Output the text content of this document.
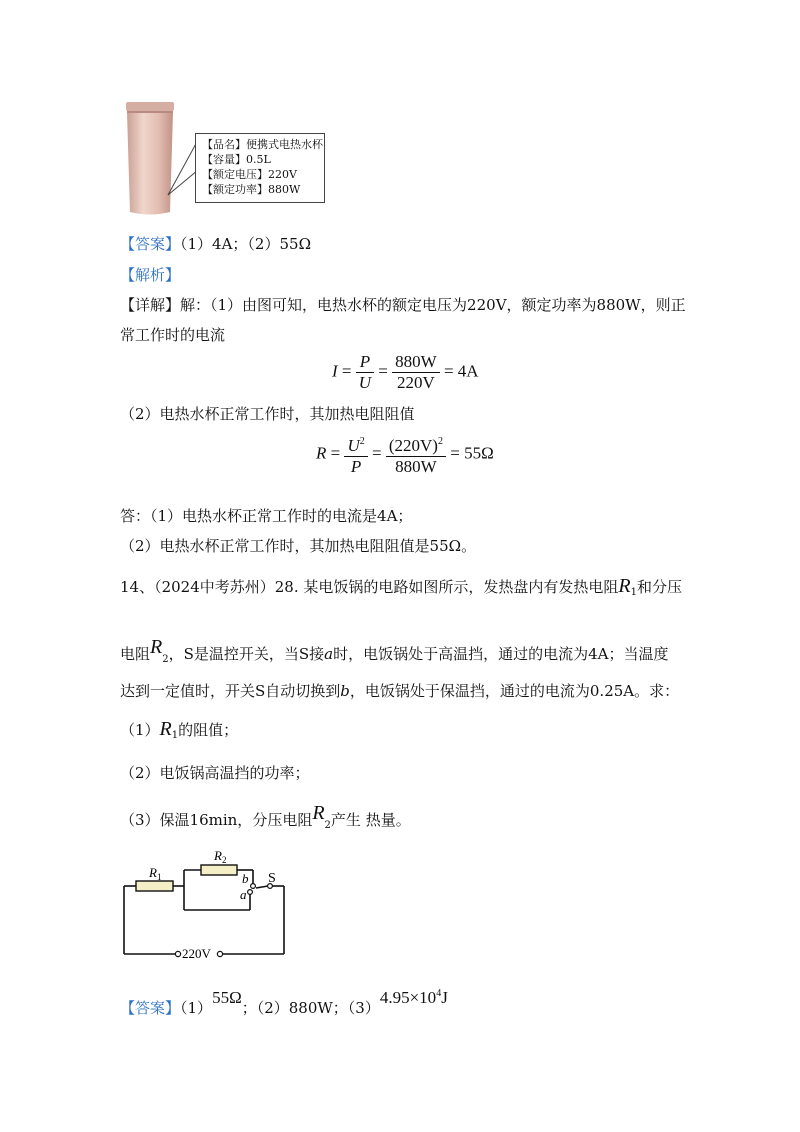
【品名】便携式电热水杯
【容量】0.5L
【额定电压】220V
【额定功率】880W
【答案】（1）4A；（2）55Ω
【解析】
【详解】解：（1）由图可知，电热水杯的额定电压为220V，额定功率为880W，则正
常工作时的电流
$I = \frac{P}{U} = \frac{880W}{220V} = 4A$
（2）电热水杯正常工作时，其加热电阻阻值
$R = \frac{U^2}{P} = \frac{(220V)^2}{880W} = 55\Omega$
答：（1）电热水杯正常工作时的电流是4A；
（2）电热水杯正常工作时，其加热电阻阻值是55Ω。
14、（2024中考苏州）28. 某电饭锅的电路如图所示，发热盘内有发热电阻$R_1$和分压
电阻$R_2$，S是温控开关，当S接a时，电饭锅处于高温挡，通过的电流为4A；当温度
达到一定值时，开关S自动切换到b，电饭锅处于保温挡，通过的电流为0.25A。求：
$(1)R_1$的阻值；
（2）电饭锅高温挡的功率；
（3）保温16min，分压电阻$R_2$产生 热量。
$R_1$
$R_2$
b
a
S
220V
【答案】（1）55Ω；（2）880W；$(3)4.95\times 10^4J$
